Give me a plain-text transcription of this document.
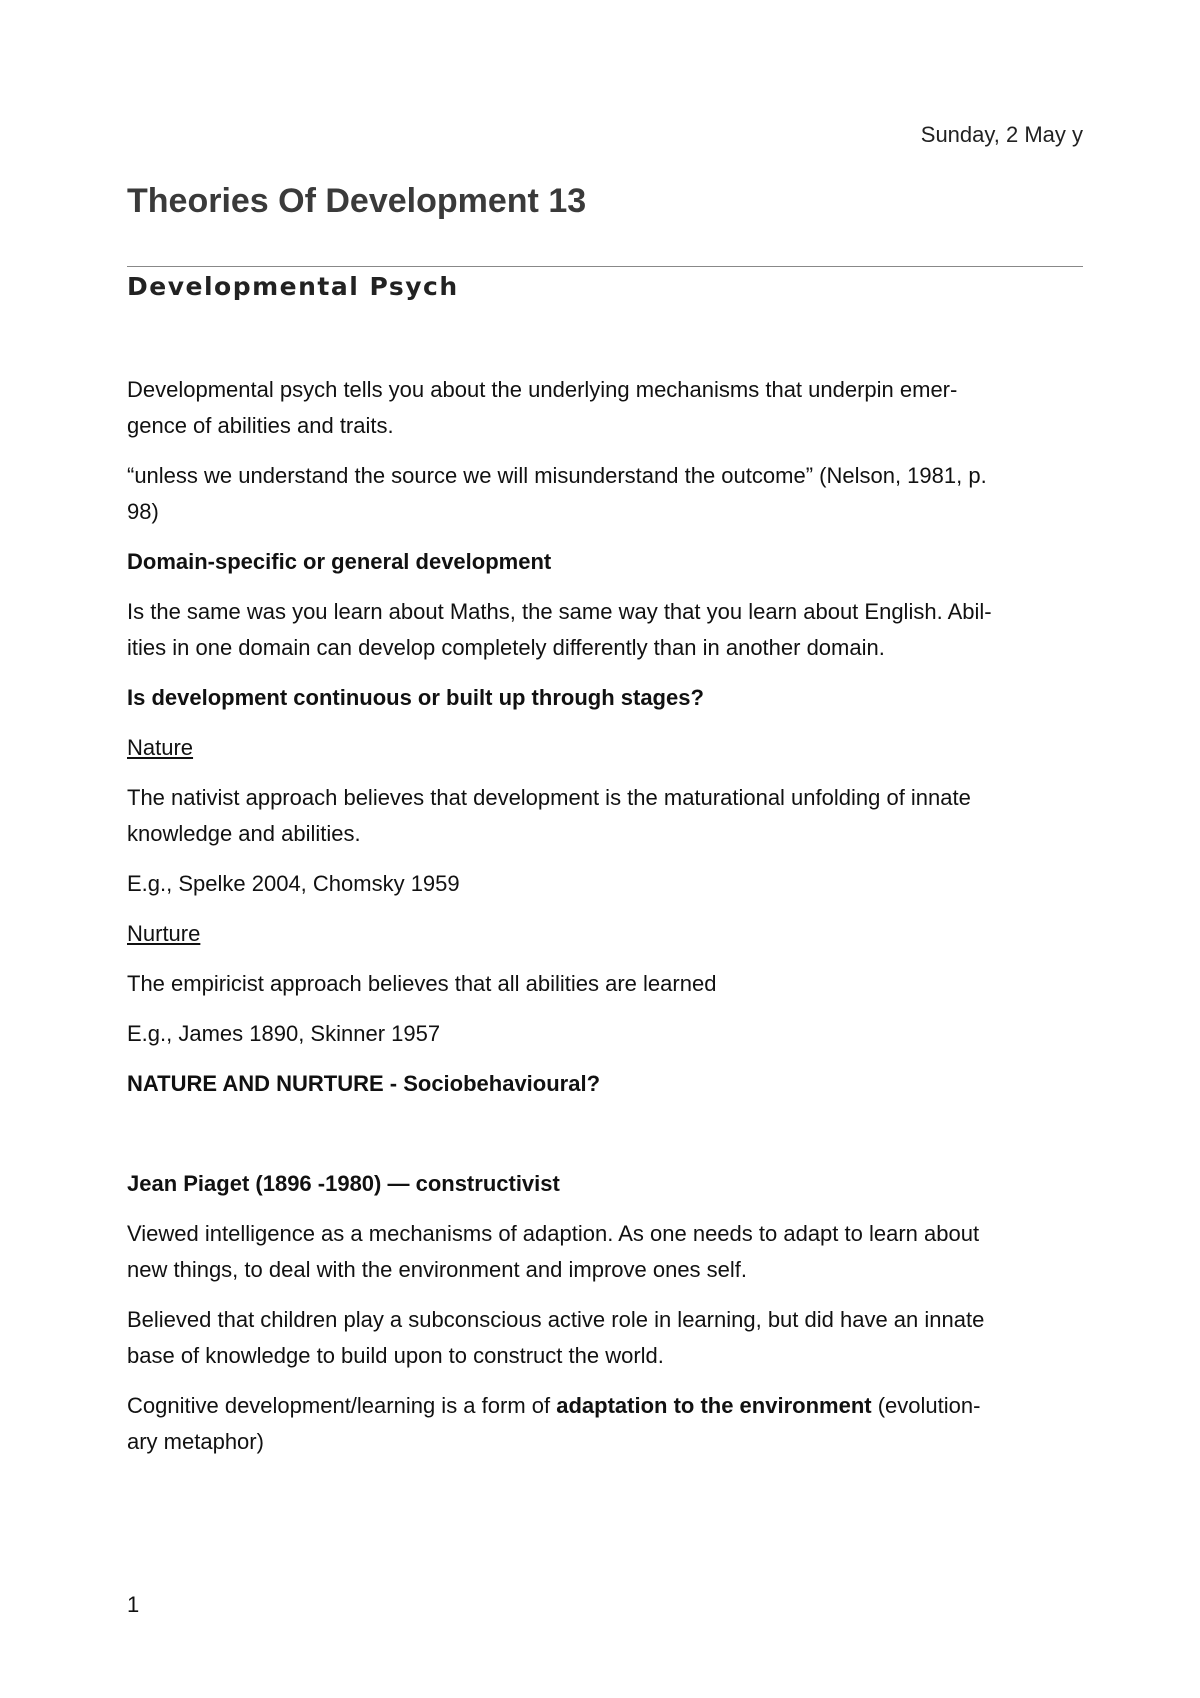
Sunday, 2 May y
Theories Of Development 13
Developmental Psych

Developmental psych tells you about the underlying mechanisms that underpin emer-
gence of abilities and traits.

“unless we understand the source we will misunderstand the outcome” (Nelson, 1981, p.
98)

Domain-specific or general development

Is the same was you learn about Maths, the same way that you learn about English. Abil-
ities in one domain can develop completely differently than in another domain.

Is development continuous or built up through stages?

Nature

The nativist approach believes that development is the maturational unfolding of innate
knowledge and abilities.

E.g., Spelke 2004, Chomsky 1959

Nurture

The empiricist approach believes that all abilities are learned

E.g., James 1890, Skinner 1957

NATURE AND NURTURE - Sociobehavioural?

Jean Piaget (1896 -1980) — constructivist

Viewed intelligence as a mechanisms of adaption. As one needs to adapt to learn about
new things, to deal with the environment and improve ones self.

Believed that children play a subconscious active role in learning, but did have an innate
base of knowledge to build upon to construct the world.

Cognitive development/learning is a form of adaptation to the environment (evolution-
ary metaphor)

1
